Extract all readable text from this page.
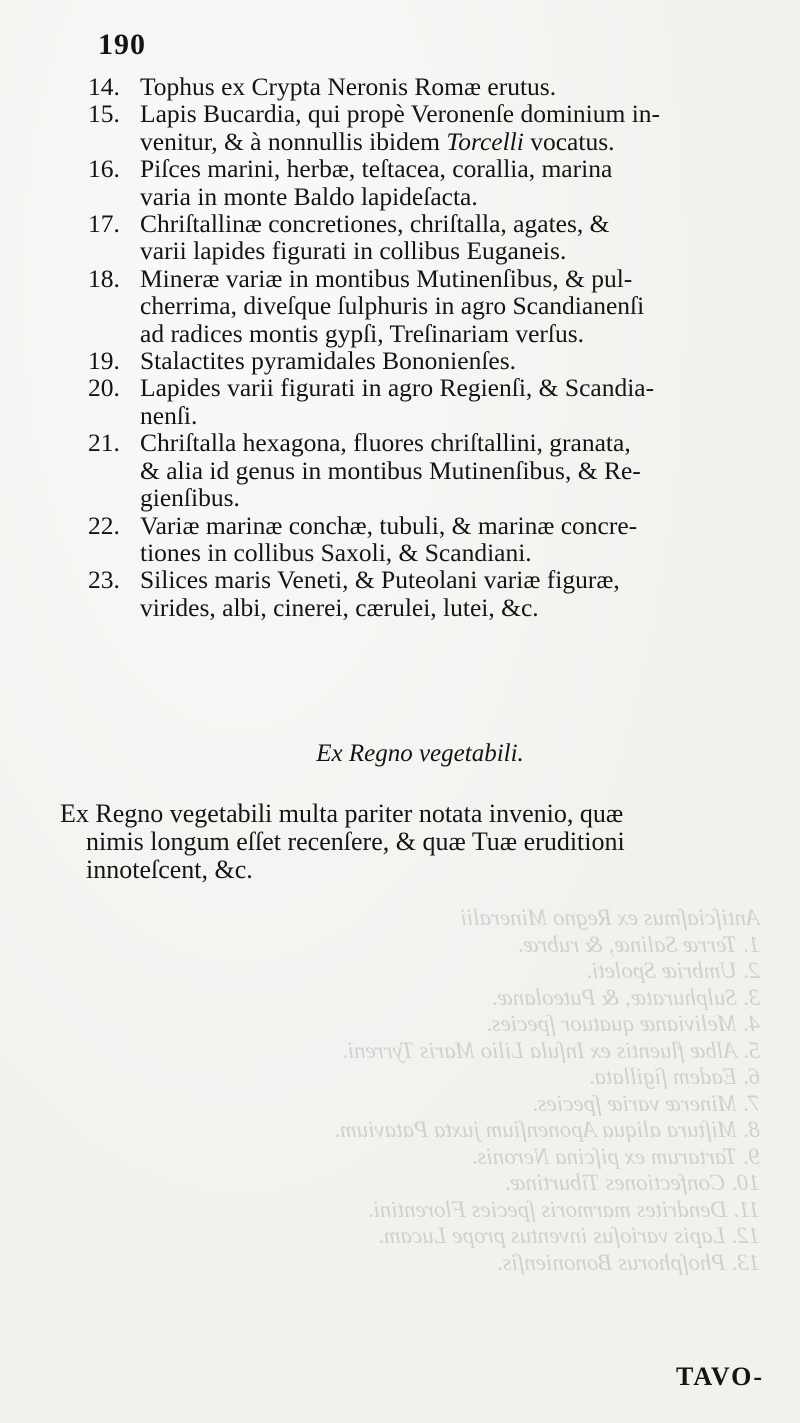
Antiſciaſmus ex Regno Mineralii
1. Terræ Salinæ, & rubræ.
2. Umbriæ Spoleti.
3. Sulphuratæ, & Puteolanæ.
4. Melivianæ quatuor ſpecies.
5. Albæ fluentis ex Inſula Lilio Maris Tyrreni.
6. Eadem ſigillata.
7. Mineræ variæ ſpecies.
8. Miſtura aliqua Aponenſium juxta Patavium.
9. Tartarum ex piſcina Neronis.
10. Confectiones Tiburtinæ.
11. Dendrites marmoris ſpecies Florentini.
12. Lapis varioſus inventus prope Lucam.
13. Phoſphorus Bononienſis.
190
14. Tophus ex Crypta Neronis Romæ erutus.
15. Lapis Bucardia, qui propè Veronenſe dominium in-
venitur, & à nonnullis ibidem Torcelli vocatus.
16. Piſces marini, herbæ, teſtacea, corallia, marina
varia in monte Baldo lapideſacta.
17. Chriſtallinæ concretiones, chriſtalla, agates, &
varii lapides figurati in collibus Euganeis.
18. Mineræ variæ in montibus Mutinenſibus, & pul-
cherrima, diveſque ſulphuris in agro Scandianenſi
ad radices montis gypſi, Treſinariam verſus.
19. Stalactites pyramidales Bononienſes.
20. Lapides varii figurati in agro Regienſi, & Scandia-
nenſi.
21. Chriſtalla hexagona, fluores chriſtallini, granata,
& alia id genus in montibus Mutinenſibus, & Re-
gienſibus.
22. Variæ marinæ conchæ, tubuli, & marinæ concre-
tiones in collibus Saxoli, & Scandiani.
23. Silices maris Veneti, & Puteolani variæ figuræ,
virides, albi, cinerei, cærulei, lutei, &c.
Ex Regno vegetabili.
Ex Regno vegetabili multa pariter notata invenio, quæ
nimis longum eſſet recenſere, & quæ Tuæ eruditioni
innoteſcent, &c.
TAVO-
